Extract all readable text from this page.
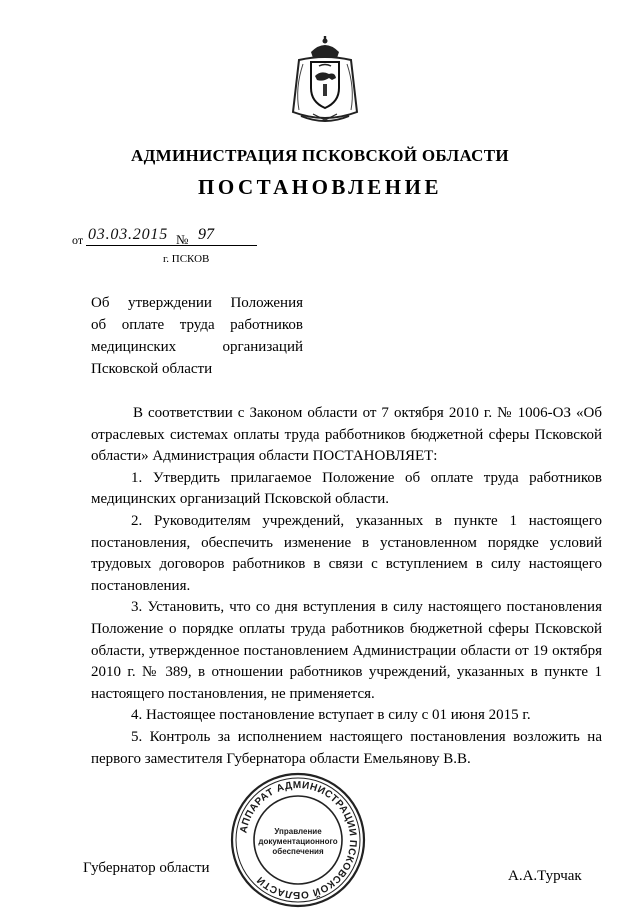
АДМИНИСТРАЦИЯ ПСКОВСКОЙ ОБЛАСТИ
ПОСТАНОВЛЕНИЕ
от 03.03.2015 № 97
г. ПСКОВ
Об утверждении Положения
об оплате труда работников
медицинских организаций
Псковской области

В соответствии с Законом области от 7 октября 2010 г. № 1006-ОЗ «Об отраслевых системах оплаты труда рабботников бюджетной сферы Псковской области» Администрация области ПОСТАНОВЛЯЕТ:

1. Утвердить прилагаемое Положение об оплате труда работников медицинских организаций Псковской области.

2. Руководителям учреждений, указанных в пункте 1 настоящего постановления, обеспечить изменение в установленном порядке условий трудовых договоров работников в связи с вступлением в силу настоящего постановления.

3. Установить, что со дня вступления в силу настоящего постановления Положение о порядке оплаты труда работников бюджетной сферы Псковской области, утвержденное постановлением Администрации области от 19 октября 2010 г. № 389, в отношении работников учреждений, указанных в пункте 1 настоящего постановления, не применяется.

4. Настоящее постановление вступает в силу с 01 июня 2015 г.

5. Контроль за исполнением настоящего постановления возложить на первого заместителя Губернатора области Емельянову В.В.

Губернатор области	А.А.Турчак
АППАРАТ АДМИНИСТРАЦИИ ПСКОВСКОЙ ОБЛАСТИ
Управление
документационного
обеспечения
